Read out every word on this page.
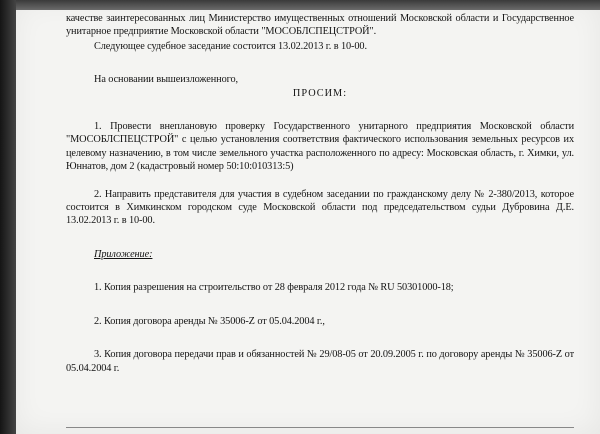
качестве заинтересованных лиц Министерство имущественных отношений Московской области и Государственное унитарное предприятие Московской области "МОСОБЛСПЕЦСТРОЙ".

Следующее судебное заседание состоится 13.02.2013 г. в 10-00.

На основании вышеизложенного,

ПРОСИМ:

1. Провести внеплановую проверку Государственного унитарного предприятия Московской области "МОСОБЛСПЕЦСТРОЙ" с целью установления соответствия фактического использования земельных ресурсов их целевому назначению, в том числе земельного участка расположенного по адресу: Московская область, г. Химки, ул. Юннатов, дом 2 (кадастровый номер 50:10:010313:5)

2. Направить представителя для участия в судебном заседании по гражданскому делу № 2-380/2013, которое состоится в Химкинском городском суде Московской области под председательством судьи Дубровина Д.Е. 13.02.2013 г. в 10-00.

Приложение:

1. Копия разрешения на строительство от 28 февраля 2012 года № RU 50301000-18;

2. Копия договора аренды № 35006-Z от 05.04.2004 г.,

3. Копия договора передачи прав и обязанностей № 29/08-05 от 20.09.2005 г. по договору аренды № 35006-Z от 05.04.2004 г.
